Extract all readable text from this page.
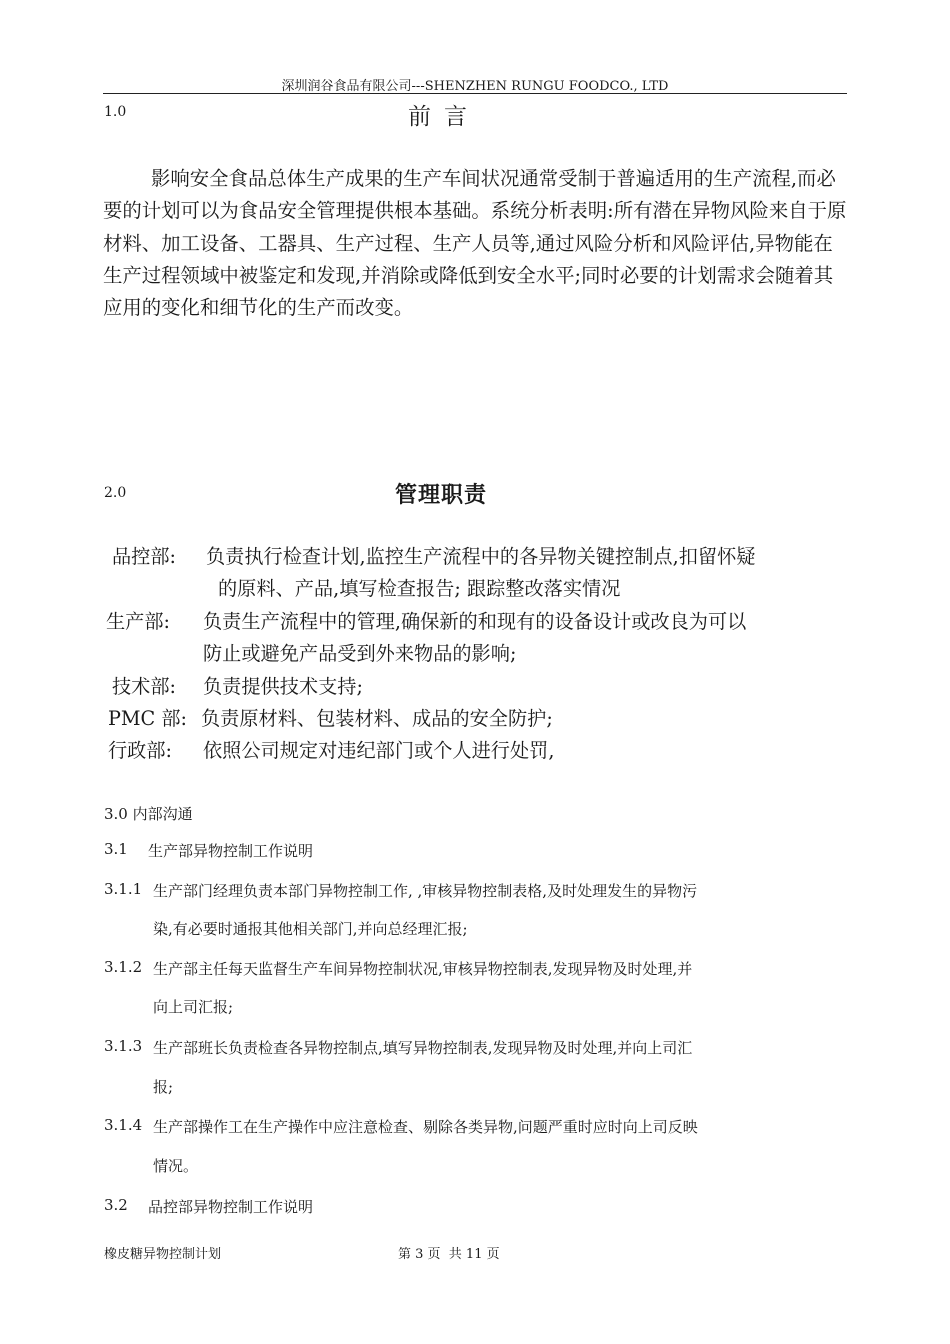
深圳润谷食品有限公司---SHENZHEN RUNGU FOODCO., LTD
1.0	前言

影响安全食品总体生产成果的生产车间状况通常受制于普遍适用的生产流程,而必要的计划可以为食品安全管理提供根本基础。系统分析表明:所有潜在异物风险来自于原材料、加工设备、工器具、生产过程、生产人员等,通过风险分析和风险评估,异物能在生产过程领域中被鉴定和发现,并消除或降低到安全水平;同时必要的计划需求会随着其应用的变化和细节化的生产而改变。

2.0	管理职责
品控部: 负责执行检查计划,监控生产流程中的各异物关键控制点,扣留怀疑
的原料、产品,填写检查报告; 跟踪整改落实情况
生产部: 负责生产流程中的管理,确保新的和现有的设备设计或改良为可以
防止或避免产品受到外来物品的影响;
技术部: 负责提供技术支持;
PMC 部: 负责原材料、包装材料、成品的安全防护;
行政部: 依照公司规定对违纪部门或个人进行处罚,
3.0 内部沟通
3.1 生产部异物控制工作说明
3.1.1 生产部门经理负责本部门异物控制工作, ,审核异物控制表格,及时处理发生的异物污
染,有必要时通报其他相关部门,并向总经理汇报;
3.1.2 生产部主任每天监督生产车间异物控制状况,审核异物控制表,发现异物及时处理,并
向上司汇报;
3.1.3 生产部班长负责检查各异物控制点,填写异物控制表,发现异物及时处理,并向上司汇
报;
3.1.4 生产部操作工在生产操作中应注意检查、剔除各类异物,问题严重时应时向上司反映
情况。
3.2 品控部异物控制工作说明
橡皮糖异物控制计划	第 3 页  共 11 页
